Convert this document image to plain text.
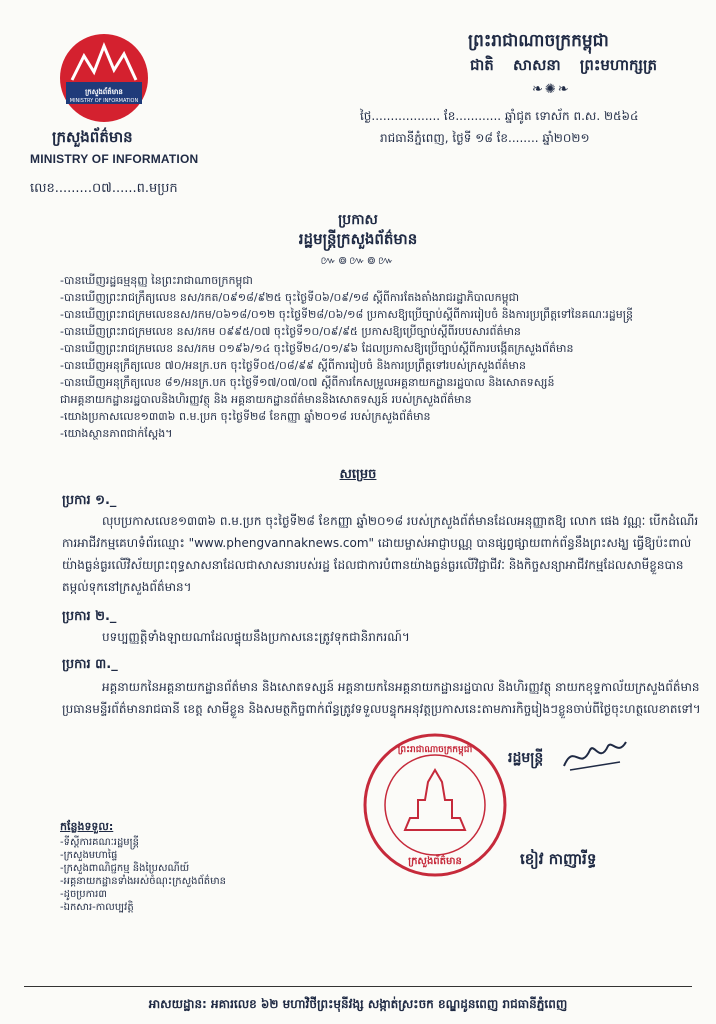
ក្រសួងព័ត៌មាន
MINISTRY OF INFORMATION
ក្រសួងព័ត៌មាន
MINISTRY OF INFORMATION
លេខ.........០៧......ព.មប្រក
ព្រះរាជាណាចក្រកម្ពុជា
ជាតិ សាសនា ព្រះមហាក្សត្រ
❧✺❧
ថ្ងៃ.................. ខែ............ ឆ្នាំជូត ទោស័ក ព.ស. ២៥៦៤
រាជធានីភ្នំពេញ, ថ្ងៃទី ១៨ ខែ........ ឆ្នាំ២០២១
ប្រកាស
រដ្ឋមន្ត្រីក្រសួងព័ត៌មាន
៚៙៚៙៚
-បានឃើញរដ្ឋធម្មនុញ្ញ នៃព្រះរាជាណាចក្រកម្ពុជា
-បានឃើញព្រះរាជក្រឹត្យលេខ នស/រកត/០៩១៨/៩២៥ ចុះថ្ងៃទី០៦/០៩/១៨ ស្តីពីការតែងតាំងរាជរដ្ឋាភិបាលកម្ពុជា
-បានឃើញព្រះរាជក្រមលេខនស/រកម/០៦១៨/០១២ ចុះថ្ងៃទី២៨/០៦/១៨ ប្រកាសឱ្យប្រើច្បាប់ស្តីពីការរៀបចំ និងការប្រព្រឹត្តទៅនៃគណៈរដ្ឋមន្ត្រី
-បានឃើញព្រះរាជក្រមលេខ នស/រកម ០៩៩៥/០៧ ចុះថ្ងៃទី១០/០៩/៩៥ ប្រកាសឱ្យប្រើច្បាប់ស្តីពីរបបសារព័ត៌មាន
-បានឃើញព្រះរាជក្រមលេខ នស/រកម ០១៩៦/១៤ ចុះថ្ងៃទី២៤/០១/៩៦ ដែលប្រកាសឱ្យប្រើច្បាប់ស្តីពីការបង្កើតក្រសួងព័ត៌មាន
-បានឃើញអនុក្រឹត្យលេខ ៧០/អនក្រ.បក ចុះថ្ងៃទី០៥/០៨/៩៩ ស្តីពីការរៀបចំ និងការប្រព្រឹត្តទៅរបស់ក្រសួងព័ត៌មាន
-បានឃើញអនុក្រឹត្យលេខ ៨១/អនក្រ.បក ចុះថ្ងៃទី១៧/០៧/០៧ ស្តីពីការកែសម្រួលអគ្គនាយកដ្ឋានរដ្ឋបាល និងសោតទស្សន៍
ជាអគ្គនាយកដ្ឋានរដ្ឋបាលនិងហិរញ្ញវត្ថុ និង អគ្គនាយកដ្ឋានព័ត៌មាននិងសោតទស្សន៍ របស់ក្រសួងព័ត៌មាន
-យោងប្រកាសលេខ១៣៣៦ ព.ម.ប្រក ចុះថ្ងៃទី២៨ ខែកញ្ញា ឆ្នាំ២០១៨ របស់ក្រសួងព័ត៌មាន
-យោងស្ថានភាពជាក់ស្តែង។
សម្រេច
ប្រការ ១._

លុបប្រកាសលេខ១៣៣៦ ព.ម.ប្រក ចុះថ្ងៃទី២៨ ខែកញ្ញា ឆ្នាំ២០១៨ របស់ក្រសួងព័ត៌មានដែលអនុញ្ញាតឱ្យ លោក ផេង វណ្ណៈ បើកដំណើរការអាជីវកម្មគេហទំព័រឈ្មោះ "www.phengvannaknews.com" ដោយម្ចាស់អាជ្ញាបណ្ណ បានផ្សព្វផ្សាយពាក់ព័ន្ធនឹងព្រះសង្ឃ ធ្វើឱ្យប៉ះពាល់យ៉ាងធ្ងន់ធ្ងរលើវិស័យព្រះពុទ្ធសាសនាដែលជាសាសនារបស់រដ្ឋ ដែលជាការបំពានយ៉ាងធ្ងន់ធ្ងរលើវិជ្ជាជីវៈ និងកិច្ចសន្យាអាជីវកម្មដែលសាមីខ្លួនបានតម្កល់ទុកនៅក្រសួងព័ត៌មាន។

ប្រការ ២._

បទប្បញ្ញត្តិទាំងឡាយណាដែលផ្ទុយនឹងប្រកាសនេះត្រូវទុកជានិរាករណ៍។

ប្រការ ៣._

អគ្គនាយកនៃអគ្គនាយកដ្ឋានព័ត៌មាន និងសោតទស្សន៍ អគ្គនាយកនៃអគ្គនាយកដ្ឋានរដ្ឋបាល និងហិរញ្ញវត្ថុ នាយកខុទ្ទកាល័យក្រសួងព័ត៌មាន ប្រធានមន្ទីរព័ត៌មានរាជធានី ខេត្ត សាមីខ្លួន និងសមត្ថកិច្ចពាក់ព័ន្ធត្រូវទទួលបន្ទុកអនុវត្តប្រកាសនេះតាមភារកិច្ចរៀងៗខ្លួនចាប់ពីថ្ងៃចុះហត្ថលេខាតទៅ។

ព្រះរាជាណាចក្រកម្ពុជា
ក្រសួងព័ត៌មាន
រដ្ឋមន្ត្រី
ខៀវ កាញារីទ្ធ
កន្លែងទទួល:
-ទីស្តីការគណៈរដ្ឋមន្ត្រី
-ក្រសួងមហាផ្ទៃ
-ក្រសួងពាណិជ្ជកម្ម និងប្រៃសណីយ៍
-អគ្គនាយកដ្ឋានទាំងអស់ចំណុះក្រសួងព័ត៌មាន
-ដូចប្រការ៣
-ឯកសារ-កាលប្បវត្តិ
អាសយដ្ឋាន: អគារលេខ ៦២ មហាវិថីព្រះមុនីវង្ស សង្កាត់ស្រះចក ខណ្ឌដូនពេញ រាជធានីភ្នំពេញ
